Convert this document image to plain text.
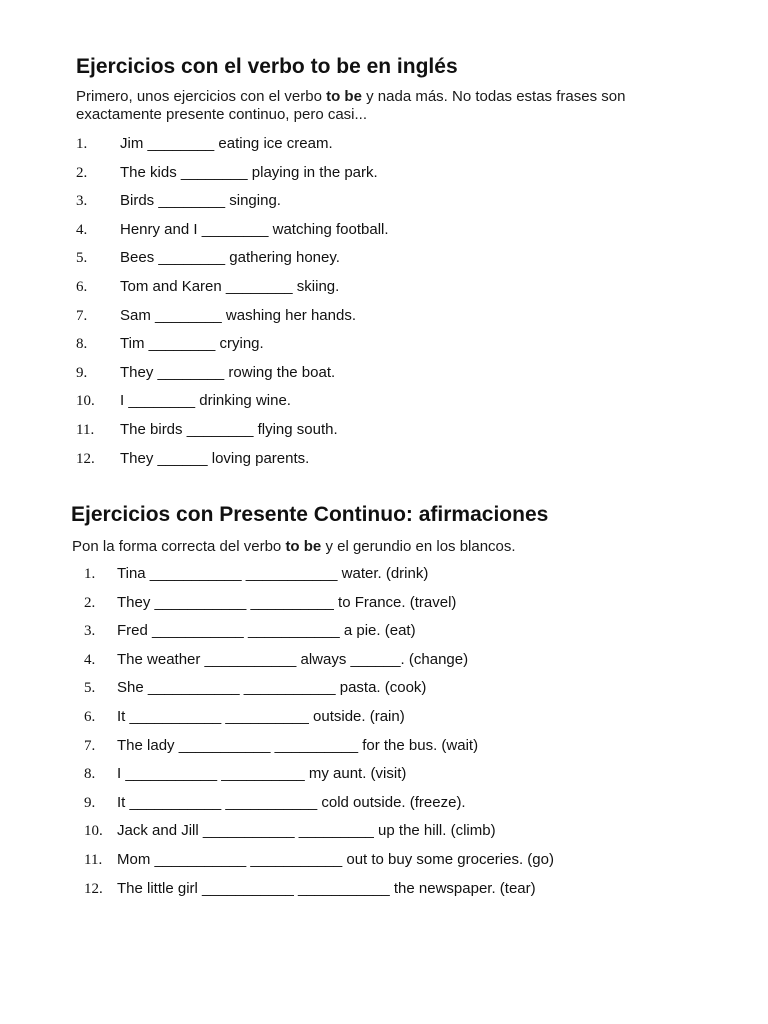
Ejercicios con el verbo to be en inglés

Primero, unos ejercicios con el verbo to be y nada más. No todas estas frases son exactamente presente continuo, pero casi...

1.	Jim ________ eating ice cream.
2.	The kids ________ playing in the park.
3.	Birds ________ singing.
4.	Henry and I ________ watching football.
5.	Bees ________ gathering honey.
6.	Tom and Karen ________ skiing.
7.	Sam ________ washing her hands.
8.	Tim ________ crying.
9.	They ________ rowing the boat.
10.	I ________ drinking wine.
11.	The birds ________ flying south.
12.	They ______ loving parents.
Ejercicios con Presente Continuo: afirmaciones

Pon la forma correcta del verbo to be y el gerundio en los blancos.

1.	Tina ___________ ___________ water. (drink)
2.	They ___________ __________ to France. (travel)
3.	Fred ___________ ___________ a pie. (eat)
4.	The weather ___________ always ______. (change)
5.	She ___________ ___________ pasta. (cook)
6.	It ___________ __________ outside. (rain)
7.	The lady ___________ __________ for the bus. (wait)
8.	I ___________ __________ my aunt. (visit)
9.	It ___________ ___________ cold outside. (freeze).
10. Jack and Jill ___________ _________ up the hill. (climb)
11. Mom ___________ ___________ out to buy some groceries. (go)
12. The little girl ___________ ___________ the newspaper. (tear)
